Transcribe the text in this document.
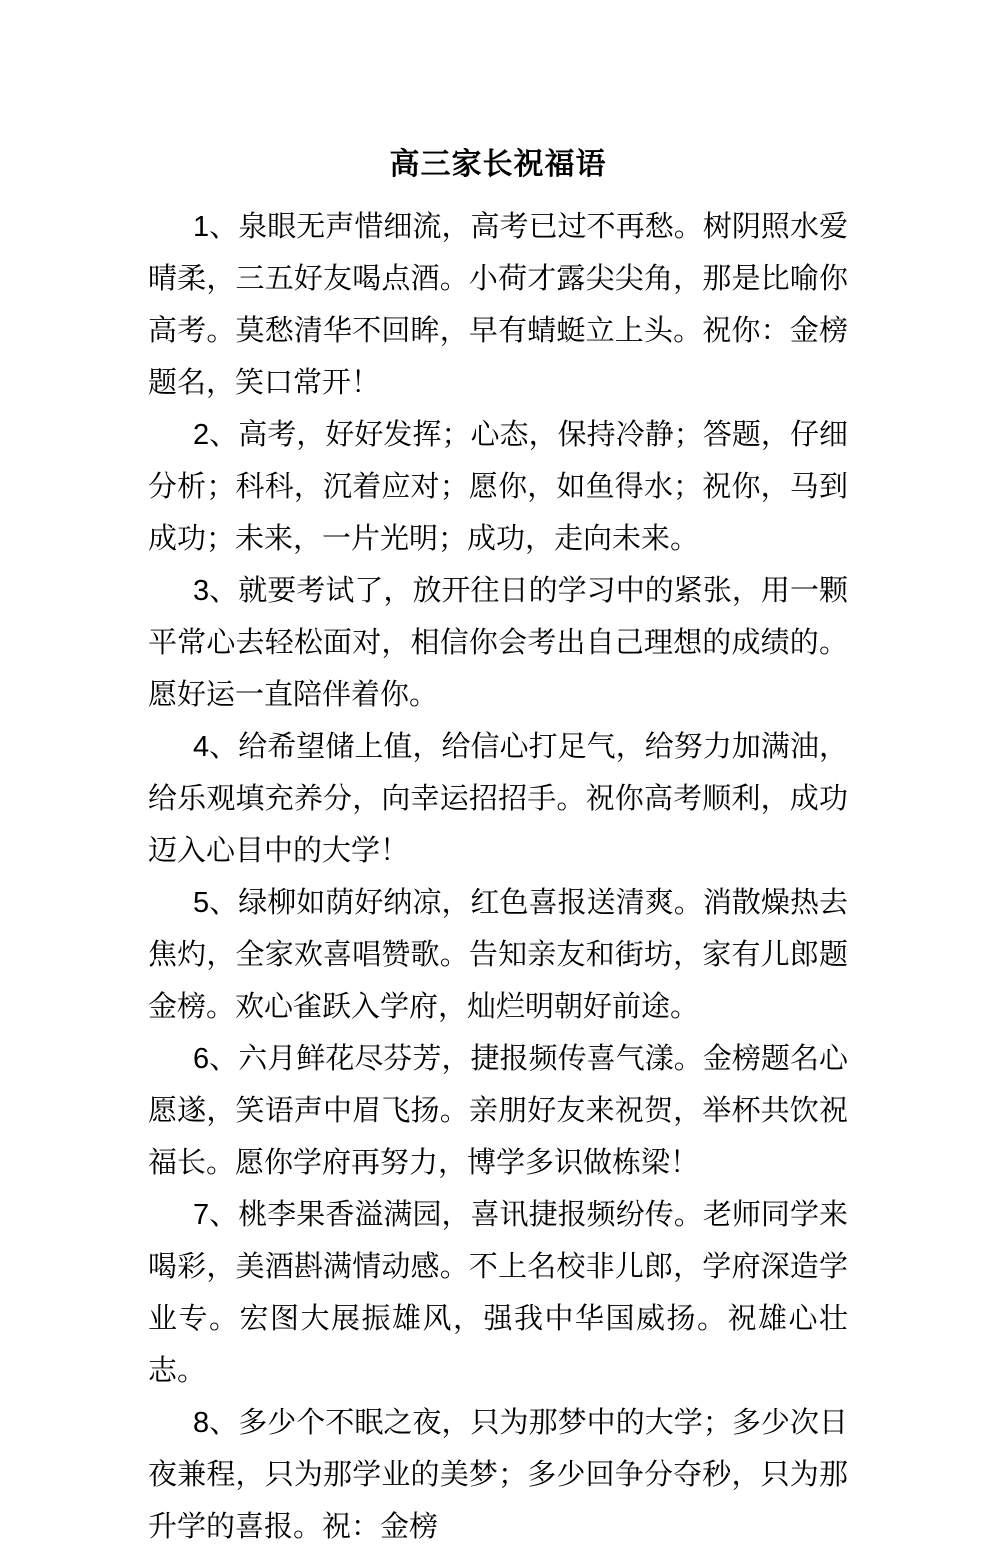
高三家长祝福语

1、泉眼无声惜细流，高考已过不再愁。树阴照水爱晴柔，三五好友喝点酒。小荷才露尖尖角，那是比喻你高考。莫愁清华不回眸，早有蜻蜓立上头。祝你：金榜题名，笑口常开！

2、高考，好好发挥；心态，保持冷静；答题，仔细分析；科科，沉着应对；愿你，如鱼得水；祝你，马到成功；未来，一片光明；成功，走向未来。

3、就要考试了，放开往日的学习中的紧张，用一颗平常心去轻松面对，相信你会考出自己理想的成绩的。愿好运一直陪伴着你。

4、给希望储上值，给信心打足气，给努力加满油，给乐观填充养分，向幸运招招手。祝你高考顺利，成功迈入心目中的大学！

5、绿柳如荫好纳凉，红色喜报送清爽。消散燥热去焦灼，全家欢喜唱赞歌。告知亲友和街坊，家有儿郎题金榜。欢心雀跃入学府，灿烂明朝好前途。

6、六月鲜花尽芬芳，捷报频传喜气漾。金榜题名心愿遂，笑语声中眉飞扬。亲朋好友来祝贺，举杯共饮祝福长。愿你学府再努力，博学多识做栋梁！

7、桃李果香溢满园，喜讯捷报频纷传。老师同学来喝彩，美酒斟满情动感。不上名校非儿郎，学府深造学业专。宏图大展振雄风，强我中华国威扬。祝雄心壮志。

8、多少个不眠之夜，只为那梦中的大学；多少次日夜兼程，只为那学业的美梦；多少回争分夺秒，只为那升学的喜报。祝：金榜
